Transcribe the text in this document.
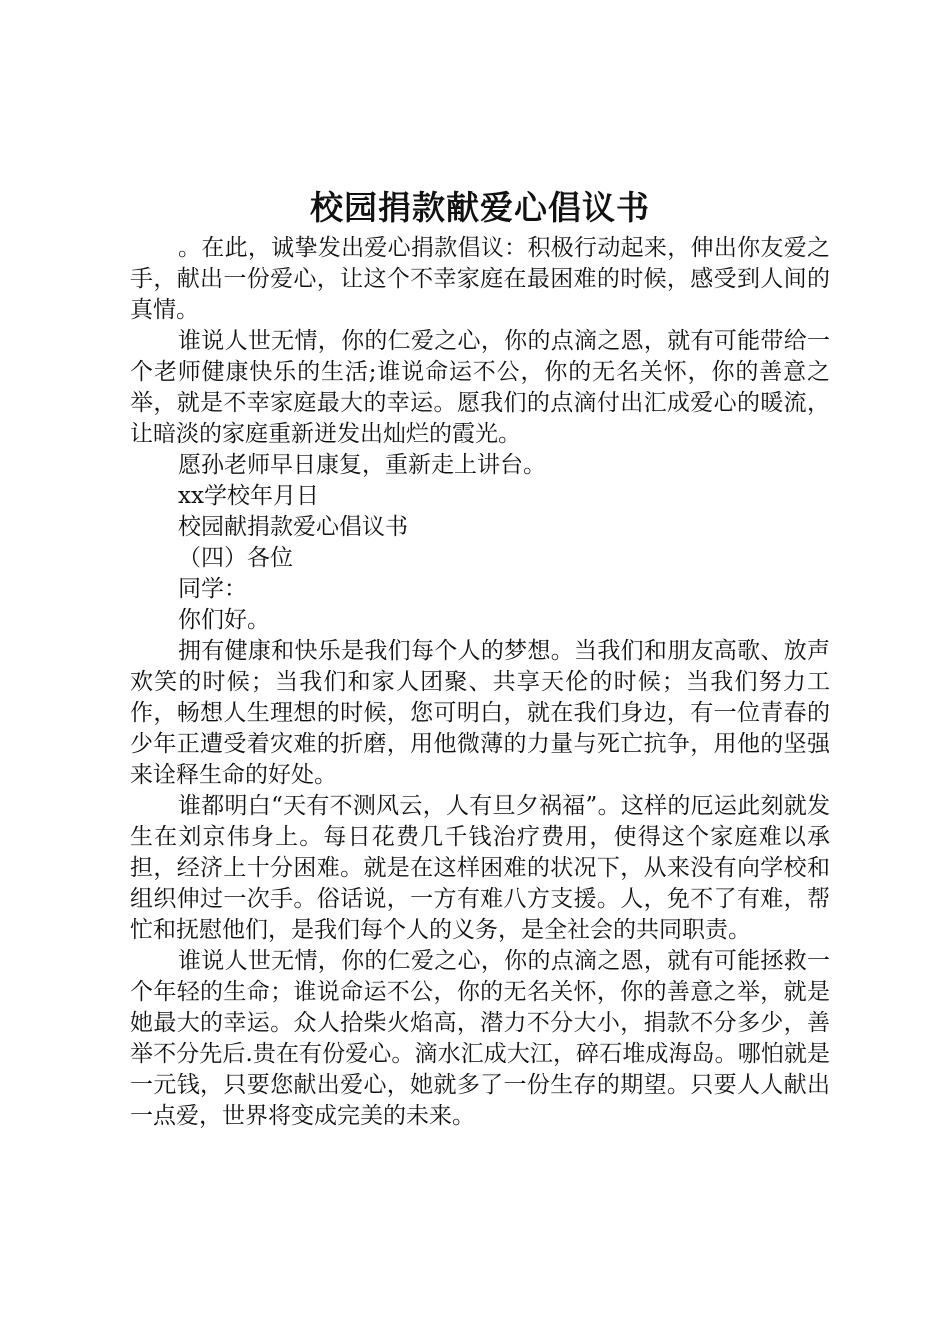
校园捐款献爱心倡议书

。在此，诚挚发出爱心捐款倡议：积极行动起来，伸出你友爱之手，献出一份爱心，让这个不幸家庭在最困难的时候，感受到人间的真情。

谁说人世无情，你的仁爱之心，你的点滴之恩，就有可能带给一个老师健康快乐的生活;谁说命运不公，你的无名关怀，你的善意之举，就是不幸家庭最大的幸运。愿我们的点滴付出汇成爱心的暖流，让暗淡的家庭重新迸发出灿烂的霞光。

愿孙老师早日康复，重新走上讲台。

xx学校年月日

校园献捐款爱心倡议书

（四）各位

同学：

你们好。

拥有健康和快乐是我们每个人的梦想。当我们和朋友高歌、放声欢笑的时候；当我们和家人团聚、共享天伦的时候；当我们努力工作，畅想人生理想的时候，您可明白，就在我们身边，有一位青春的少年正遭受着灾难的折磨，用他微薄的力量与死亡抗争，用他的坚强来诠释生命的好处。

谁都明白“天有不测风云，人有旦夕祸福”。这样的厄运此刻就发生在刘京伟身上。每日花费几千钱治疗费用，使得这个家庭难以承担，经济上十分困难。就是在这样困难的状况下，从来没有向学校和组织伸过一次手。俗话说，一方有难八方支援。人，免不了有难，帮忙和抚慰他们，是我们每个人的义务，是全社会的共同职责。

谁说人世无情，你的仁爱之心，你的点滴之恩，就有可能拯救一个年轻的生命；谁说命运不公，你的无名关怀，你的善意之举，就是她最大的幸运。众人拾柴火焰高，潜力不分大小，捐款不分多少，善举不分先后.贵在有份爱心。滴水汇成大江，碎石堆成海岛。哪怕就是一元钱，只要您献出爱心，她就多了一份生存的期望。只要人人献出一点爱，世界将变成完美的未来。
